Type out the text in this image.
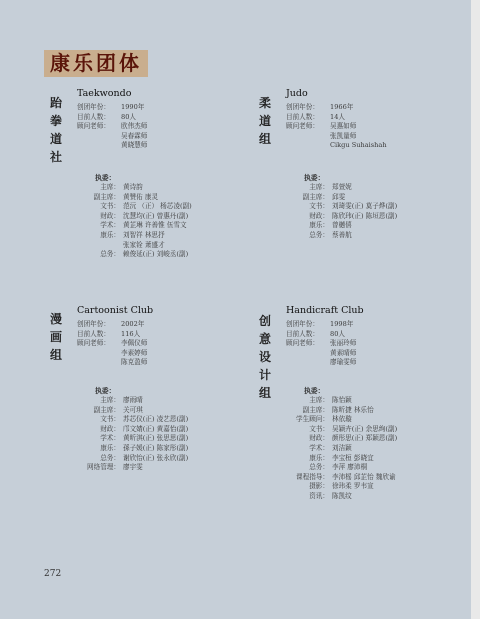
康乐团体
跆拳道社
Taekwondo
创团年份： 1990年
目前人数： 80人
顾问老师： 欧伟杰师
吴春霖师
黄晓慧师
执委：
主席： 黄诗韵
副主席： 黄赞佑 康灵
文书： 范沅 （正） 杨芯凌(副)
财政： 沈慧均(正) 曾惠丹(副)
学术： 黄芷琳 许善惟 伍雪文
康乐： 刘智祥 林思抒
张家铨 萧盛才
总务： 赖俊延(正) 刘峻丞(副)
柔道组
Judo
创团年份： 1966年
目前人数： 14人
顾问老师： 吴惠如师
张凯量师
Cikgu Suhaishah
执委：
主席： 郑萱妮
副主席： 邱雯
文书： 刘琦雯(正) 莫子烨(副)
财政： 陈欣玮(正) 陈垣恩(副)
康乐： 曾樾僖
总务： 蔡善航
漫画组
Cartoonist Club
创团年份： 2002年
目前人数： 116人
顾问老师： 李佩仪师
李素婷师
陈克盈师
执委：
主席： 廖雨晴
副主席： 关可琪
文书： 苏芯仪(正) 凌艺恩(副)
财政： 邝文婧(正) 黄嘉怡(副)
学术： 黄昕淇(正) 张思思(副)
康乐： 孫子媛(正) 陈家彤(副)
总务： 谢欣怡(正) 张永欣(副)
网络管理： 廖宇雯
创意设计组
Handicraft Club
创团年份： 1998年
目前人数： 80人
顾问老师： 张丽玲师
黄素晴师
廖瑜雯师
执委：
主席： 陈怡颖
副主席： 陈昕捷 林乐怡
学生顾问： 林依璇
文书： 吴颖卉(正) 余思绚(副)
财政： 颜彤思(正) 郑颖恩(副)
学术： 刘洁颖
康乐： 李宝桓 彭晓宜
总务： 李萍 廖沛桐
课程指导： 李沛榣 邱芷怡 魏欣谕
摄影： 徐玮柔 罗韦宣
资讯： 陈凯纹
272
